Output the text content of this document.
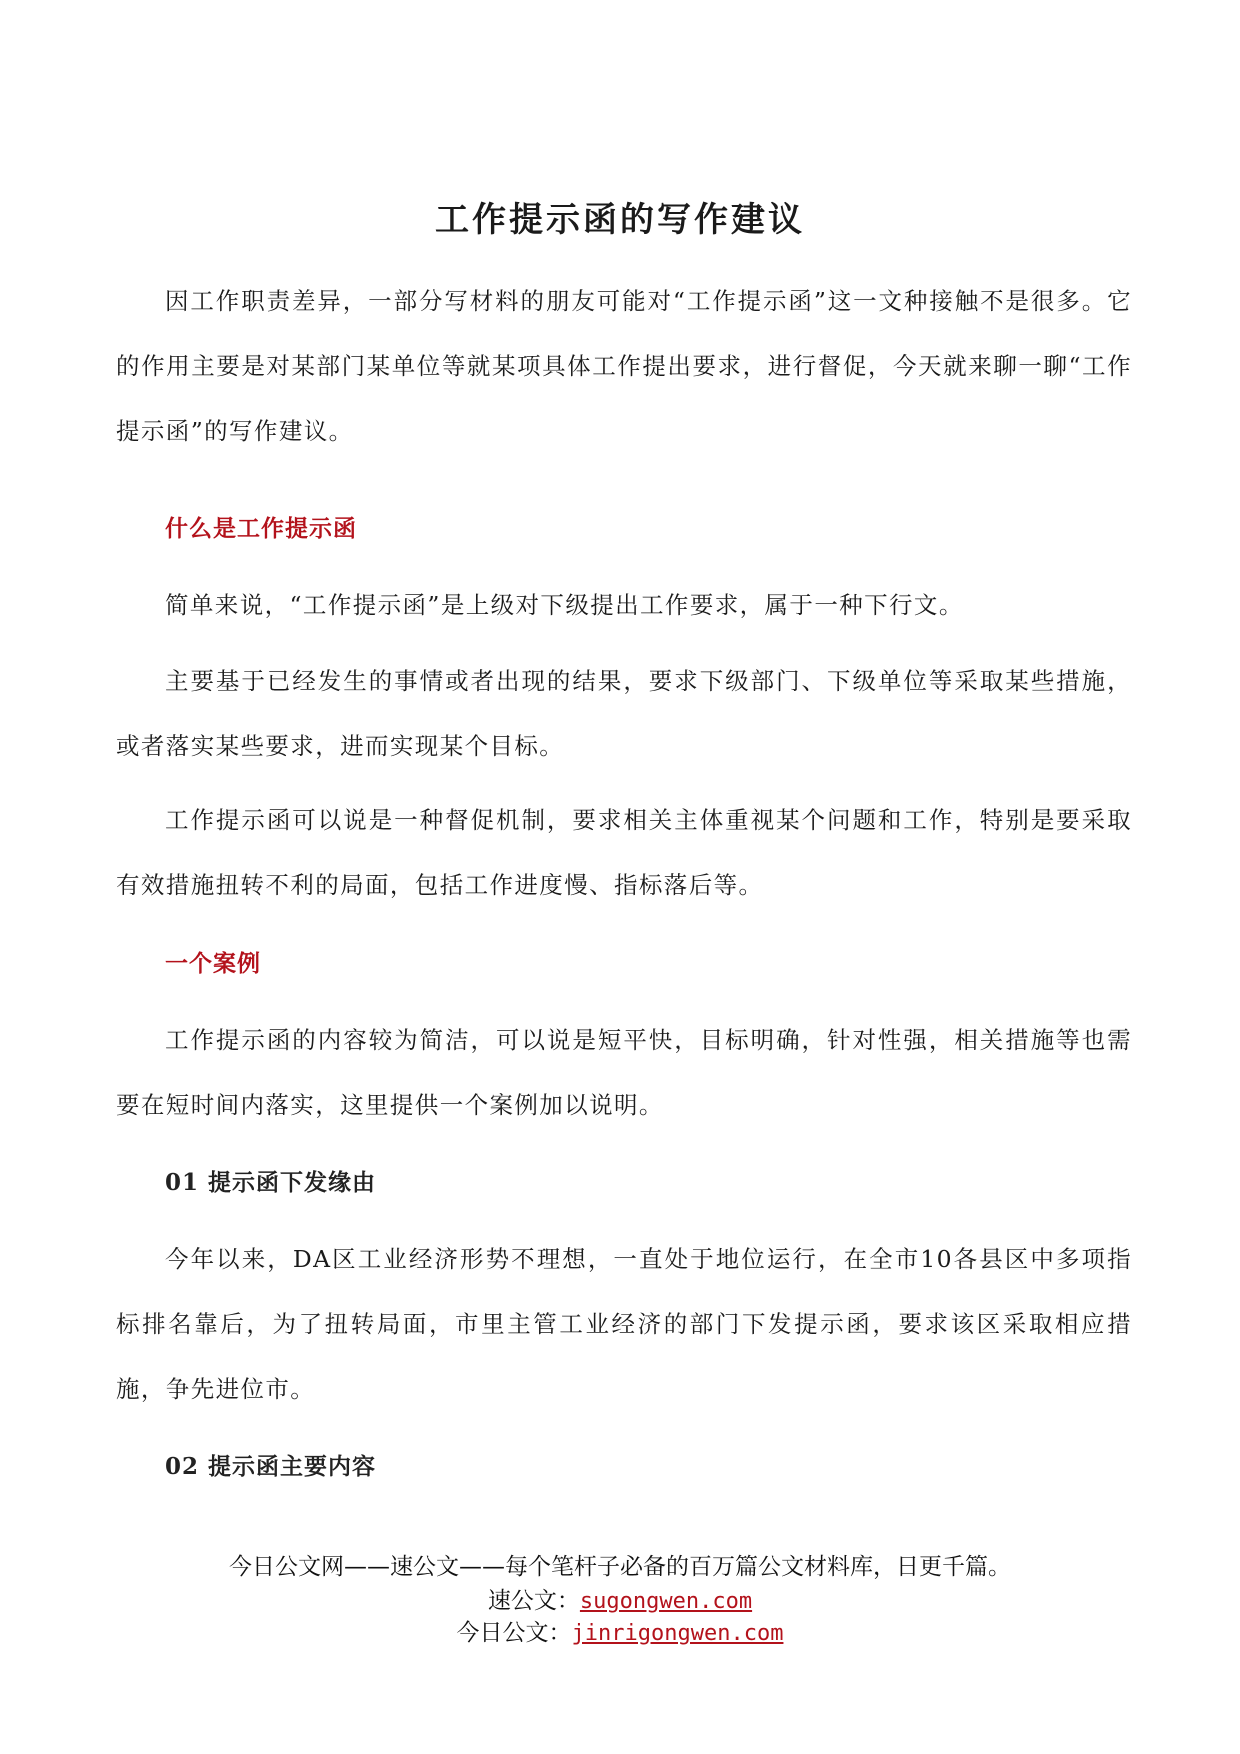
工作提示函的写作建议

因工作职责差异，一部分写材料的朋友可能对“工作提示函”这一文种接触不是很多。它的作用主要是对某部门某单位等就某项具体工作提出要求，进行督促，今天就来聊一聊“工作提示函”的写作建议。

什么是工作提示函

简单来说，“工作提示函”是上级对下级提出工作要求，属于一种下行文。

主要基于已经发生的事情或者出现的结果，要求下级部门、下级单位等采取某些措施，或者落实某些要求，进而实现某个目标。

工作提示函可以说是一种督促机制，要求相关主体重视某个问题和工作，特别是要采取有效措施扭转不利的局面，包括工作进度慢、指标落后等。

一个案例

工作提示函的内容较为简洁，可以说是短平快，目标明确，针对性强，相关措施等也需要在短时间内落实，这里提供一个案例加以说明。

01 提示函下发缘由

今年以来，DA区工业经济形势不理想，一直处于地位运行，在全市10各县区中多项指标排名靠后，为了扭转局面，市里主管工业经济的部门下发提示函，要求该区采取相应措施，争先进位市。

02 提示函主要内容

今日公文网——速公文——每个笔杆子必备的百万篇公文材料库，日更千篇。

速公文：sugongwen.com

今日公文：jinrigongwen.com
